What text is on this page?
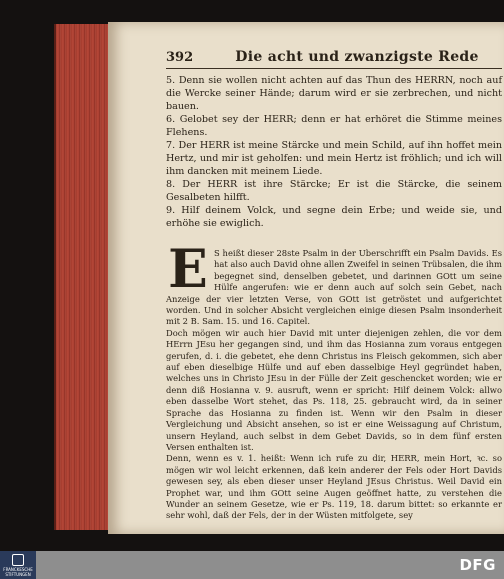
392	Die acht und zwanzigste Rede

5. Denn sie wollen nicht achten auf das Thun des HERRN, noch auf die Wercke seiner Hände; darum wird er sie zerbrechen, und nicht bauen.

6. Gelobet sey der HERR; denn er hat erhöret die Stimme meines Flehens.

7. Der HERR ist meine Stärcke und mein Schild, auf ihn hoffet mein Hertz, und mir ist geholfen: und mein Hertz ist fröhlich; und ich will ihm dancken mit meinem Liede.

8. Der HERR ist ihre Stärcke; Er ist die Stärcke, die seinem Gesalbeten hilfft.

9. Hilf deinem Volck, und segne dein Erbe; und weide sie, und erhöhe sie ewiglich.

E S heißt dieser 28ste Psalm in der Uberschrifft ein Psalm Davids. Es hat also auch David ohne allen Zweifel in seinen Trübsalen, die ihm begegnet sind, denselben gebetet, und darinnen GOtt um seine Hülfe angerufen: wie er denn auch auf solch sein Gebet, nach Anzeige der vier letzten Verse, von GOtt ist getröstet und aufgerichtet worden. Und in solcher Absicht vergleichen einige diesen Psalm insonderheit mit 2 B. Sam. 15. und 16. Capitel.

Doch mögen wir auch hier David mit unter diejenigen zehlen, die vor dem HErrn JEsu her gegangen sind, und ihm das Hosianna zum voraus entgegen gerufen, d. i. die gebetet, ehe denn Christus ins Fleisch gekommen, sich aber auf eben dieselbige Hülfe und auf eben dasselbige Heyl gegründet haben, welches uns in Christo JEsu in der Fülle der Zeit geschencket worden; wie er denn diß Hosianna v. 9. ausruft, wenn er spricht: Hilf deinem Volck: allwo eben dasselbe Wort stehet, das Ps. 118, 25. gebraucht wird, da in seiner Sprache das Hosianna zu finden ist. Wenn wir den Psalm in dieser Vergleichung und Absicht ansehen, so ist er eine Weissagung auf Christum, unsern Heyland, auch selbst in dem Gebet Davids, so in dem fünf ersten Versen enthalten ist.

Denn, wenn es v. 1. heißt: Wenn ich rufe zu dir, HERR, mein Hort, ꝛc. so mögen wir wol leicht erkennen, daß kein anderer der Fels oder Hort Davids gewesen sey, als eben dieser unser Heyland JEsus Christus. Weil David ein Prophet war, und ihm GOtt seine Augen geöffnet hatte, zu verstehen die Wunder an seinem Gesetze, wie er Ps. 119, 18. darum bittet: so erkannte er sehr wohl, daß der Fels, der in der Wüsten mitfolgete, sey

FRANCKESCHE STIFTUNGEN
DFG
